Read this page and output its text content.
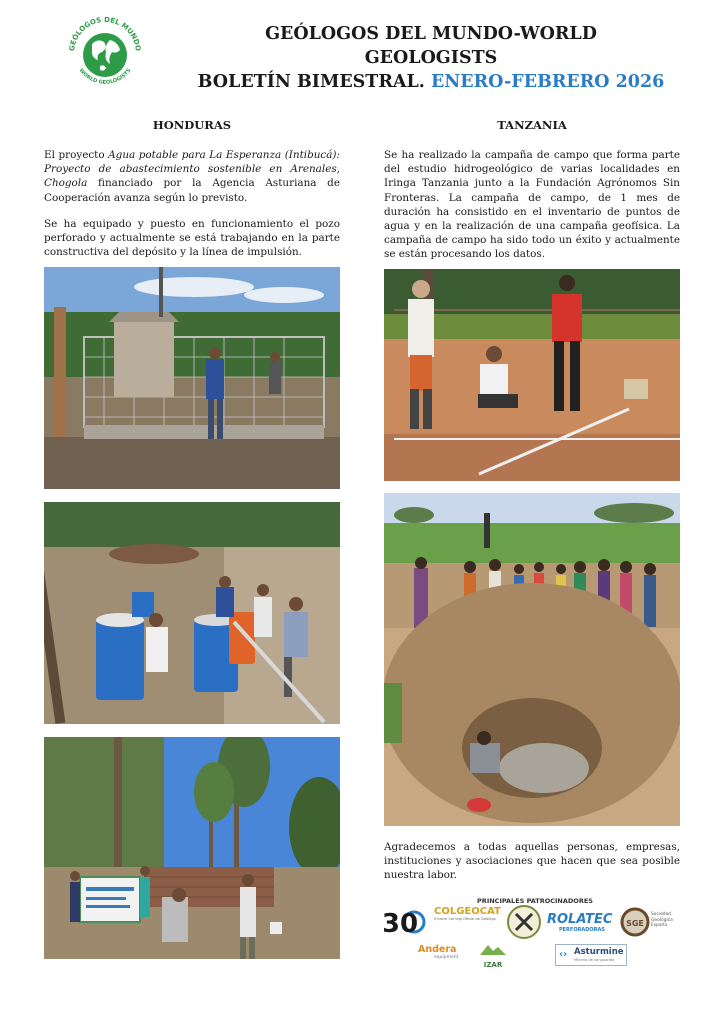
GEÓLOGOS DEL MUNDO
WORLD GEOLOGISTS
GEÓLOGOS DEL MUNDO-WORLD GEOLOGISTS
BOLETÍN BIMESTRAL. ENERO-FEBRERO 2026
HONDURAS

El proyecto Agua potable para La Esperanza (Intibucá): Proyecto de abastecimiento sostenible en Arenales, Chogola financiado por la Agencia Asturiana de Cooperación avanza según lo previsto.

Se ha equipado y puesto en funcionamiento el pozo perforado y actualmente se está trabajando en la parte constructiva del depósito y la línea de impulsión.

TANZANIA

Se ha realizado la campaña de campo que forma parte del estudio hidrogeológico de varias localidades en Iringa Tanzania junto a la Fundación Agrónomos Sin Fronteras. La campaña de campo, de 1 mes de duración ha consistido en el inventario de puntos de agua y en la realización de una campaña geofísica. La campaña de campo ha sido todo un éxito y actualmente se están procesando los datos.

Agradecemos a todas aquellas personas, empresas, instituciones y asociaciones que hacen que sea posible nuestra labor.

PRINCIPALES PATROCINADORES
30 COLGEOCAT
Il·lustre Col·legi Oficial de Geòlegs	ROLATEC
PERFORADORAS
SGE
Sociedad Geológica España
Andera
equipment
IZAR
‹› Asturmine
Minería de vanguardia
